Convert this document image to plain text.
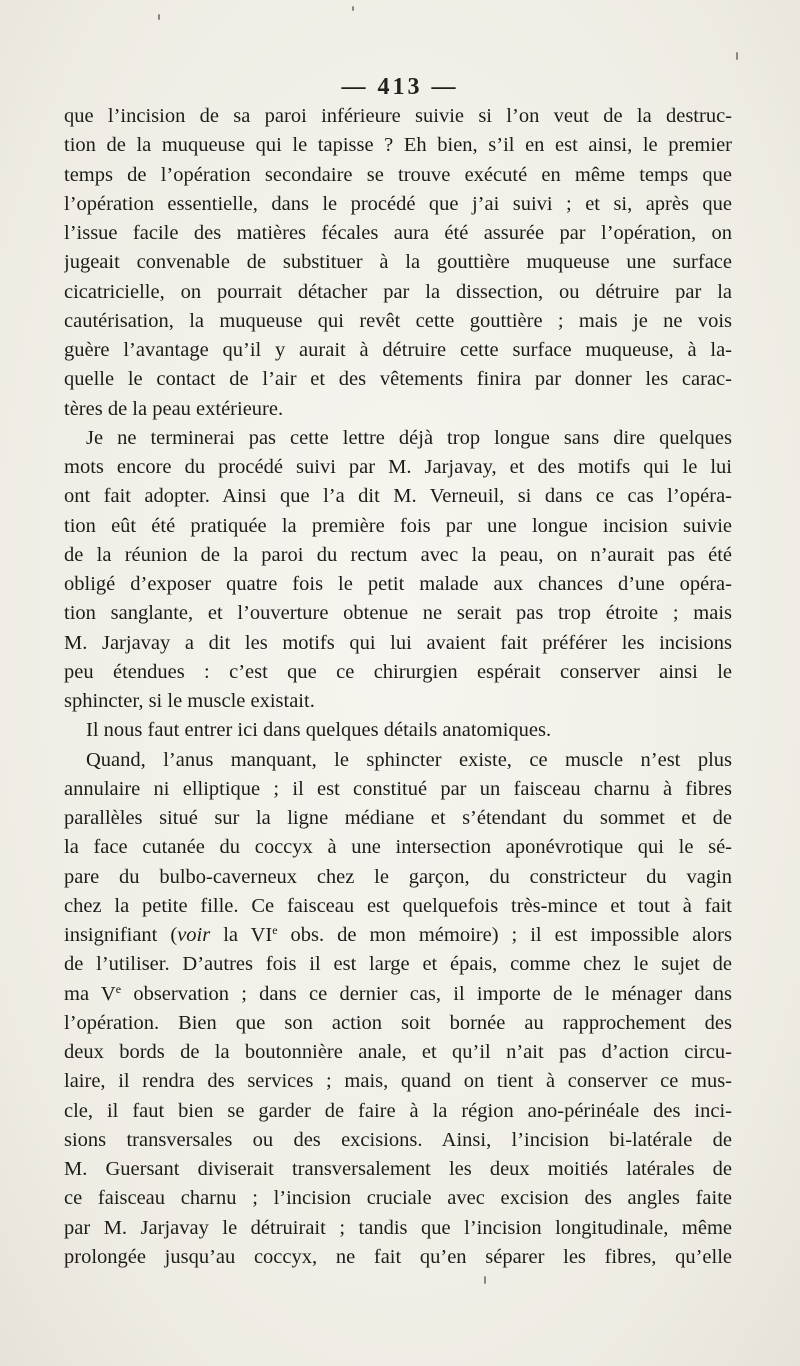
— 413 —
que l’incision de sa paroi inférieure suivie si l’on veut de la destruc-
tion de la muqueuse qui le tapisse ? Eh bien, s’il en est ainsi, le premier
temps de l’opération secondaire se trouve exécuté en même temps que
l’opération essentielle, dans le procédé que j’ai suivi ; et si, après que
l’issue facile des matières fécales aura été assurée par l’opération, on
jugeait convenable de substituer à la gouttière muqueuse une surface
cicatricielle, on pourrait détacher par la dissection, ou détruire par la
cautérisation, la muqueuse qui revêt cette gouttière ; mais je ne vois
guère l’avantage qu’il y aurait à détruire cette surface muqueuse, à la-
quelle le contact de l’air et des vêtements finira par donner les carac-
tères de la peau extérieure.
Je ne terminerai pas cette lettre déjà trop longue sans dire quelques
mots encore du procédé suivi par M. Jarjavay, et des motifs qui le lui
ont fait adopter. Ainsi que l’a dit M. Verneuil, si dans ce cas l’opéra-
tion eût été pratiquée la première fois par une longue incision suivie
de la réunion de la paroi du rectum avec la peau, on n’aurait pas été
obligé d’exposer quatre fois le petit malade aux chances d’une opéra-
tion sanglante, et l’ouverture obtenue ne serait pas trop étroite ; mais
M. Jarjavay a dit les motifs qui lui avaient fait préférer les incisions
peu étendues : c’est que ce chirurgien espérait conserver ainsi le
sphincter, si le muscle existait.
Il nous faut entrer ici dans quelques détails anatomiques.
Quand, l’anus manquant, le sphincter existe, ce muscle n’est plus
annulaire ni elliptique ; il est constitué par un faisceau charnu à fibres
parallèles situé sur la ligne médiane et s’étendant du sommet et de
la face cutanée du coccyx à une intersection aponévrotique qui le sé-
pare du bulbo-caverneux chez le garçon, du constricteur du vagin
chez la petite fille. Ce faisceau est quelquefois très-mince et tout à fait
insignifiant (voir la VIe obs. de mon mémoire) ; il est impossible alors
de l’utiliser. D’autres fois il est large et épais, comme chez le sujet de
ma Ve observation ; dans ce dernier cas, il importe de le ménager dans
l’opération. Bien que son action soit bornée au rapprochement des
deux bords de la boutonnière anale, et qu’il n’ait pas d’action circu-
laire, il rendra des services ; mais, quand on tient à conserver ce mus-
cle, il faut bien se garder de faire à la région ano-périnéale des inci-
sions transversales ou des excisions. Ainsi, l’incision bi-latérale de
M. Guersant diviserait transversalement les deux moitiés latérales de
ce faisceau charnu ; l’incision cruciale avec excision des angles faite
par M. Jarjavay le détruirait ; tandis que l’incision longitudinale, même
prolongée jusqu’au coccyx, ne fait qu’en séparer les fibres, qu’elle
